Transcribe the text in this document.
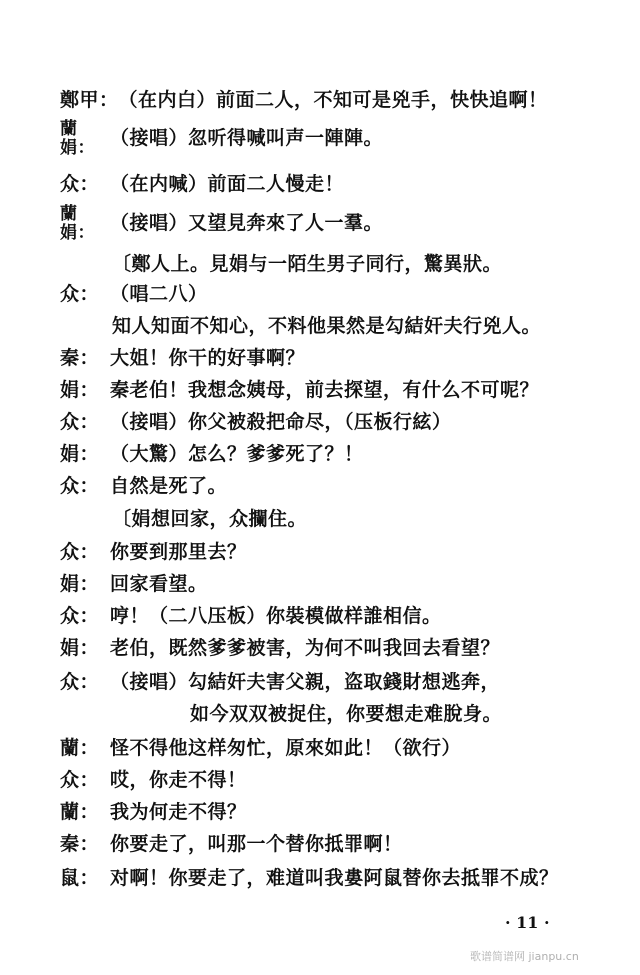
鄭甲：（在内白）前面二人，不知可是兇手，快快追啊！
蘭
娟： （接唱）忽听得喊叫声一陣陣。
众： （在内喊）前面二人慢走！
蘭
娟： （接唱）又望見奔來了人一羣。
〔鄭人上。見娟与一陌生男子同行，驚異狀。
众： （唱二八）
知人知面不知心，不料他果然是勾結奸夫行兇人。
秦： 大姐！你干的好事啊？
娟： 秦老伯！我想念姨母，前去探望，有什么不可呢？
众： （接唱）你父被殺把命尽，（压板行絃）
娟： （大驚）怎么？爹爹死了？！
众： 自然是死了。
〔娟想回家，众攔住。
众： 你要到那里去？
娟： 回家看望。
众： 哼！（二八压板）你裝模做样誰相信。
娟： 老伯，既然爹爹被害，为何不叫我回去看望？
众： （接唱）勾結奸夫害父親，盗取錢財想逃奔，
如今双双被捉住，你要想走难脫身。
蘭： 怪不得他这样匆忙，原來如此！（欲行）
众： 哎，你走不得！
蘭： 我为何走不得？
秦： 你要走了，叫那一个替你抵罪啊！
鼠： 对啊！你要走了，难道叫我婁阿鼠替你去抵罪不成？
· 11 ·
歌谱简谱网 jianpu.cn
